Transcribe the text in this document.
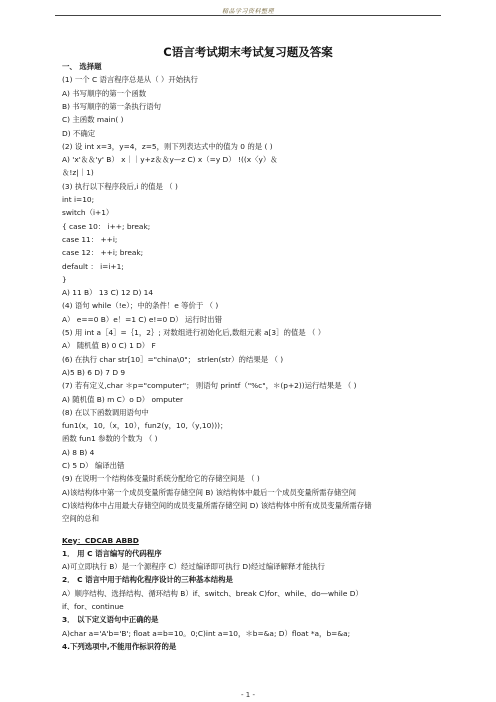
精品学习资料整理
C语言考试期末考试复习题及答案
一、 选择题
(1) 一个 C 语言程序总是从（ ）开始执行
A) 书写顺序的第一个函数
B) 书写顺序的第一条执行语句
C) 主函数 main( )
D) 不确定
(2) 设 int x=3，y=4，z=5，则下列表达式中的值为 0 的是 ( )
A) 'x'＆＆'y' B） x｜｜y+z＆＆y—z C) x（=y D） !((x〈y）＆
＆!z|｜1)
(3) 执行以下程序段后,i 的值是 （ )
int i=10;
switch（i+1）
{ case 10： i++; break;
case 11： ++i;
case 12： ++i; break;
default ： i=i+1;
}
A) 11 B） 13 C) 12 D) 14
(4) 语句 while（!e）；中的条件！e 等价于 （ )
A） e==0 B）e！=1 C) e!=0 D） 运行时出错
(5) 用 int a［4］=｛1，2｝; 对数组进行初始化后,数组元素 a[3］的值是 （ ）
A） 随机值 B) 0 C) 1 D） F
(6) 在执行 char str[10］="china\0"； strlen(str）的结果是 （ )
A)5 B) 6 D) 7 D 9
(7) 若有定义,char ＊p="computer"； 则语句 printf（"%c"，＊(p+2))运行结果是 （ )
A) 随机值 B) m C）o D） omputer
(8) 在以下函数调用语句中
fun1(x，10,（x，10），fun2(y，10,（y,10)))；
函数 fun1 参数的个数为 （ )
A) 8 B) 4
C) 5 D） 编译出错
(9) 在说明一个结构体变量时系统分配给它的存储空间是 （ )
A)该结构体中第一个成员变量所需存储空间 B) 该结构体中最后一个成员变量所需存储空间
C)该结构体中占用最大存储空间的成员变量所需存储空间 D) 该结构体中所有成员变量所需存储
空间的总和
Key：CDCAB ABBD
1． 用 C 语言编写的代码程序
A)可立即执行 B）是一个源程序 C）经过编译即可执行 D)经过编译解释才能执行
2． C 语言中用于结构化程序设计的三种基本结构是
A）顺序结构、选择结构、循环结构 B）if、switch、break C)for、while、do—while D）
if、for、continue
3． 以下定义语句中正确的是
A)char a='A'b='B'; float a=b=10。0;C)int a=10，＊b=&a; D）float *a，b=&a;
4.下列选项中,不能用作标识符的是
- 1 -
